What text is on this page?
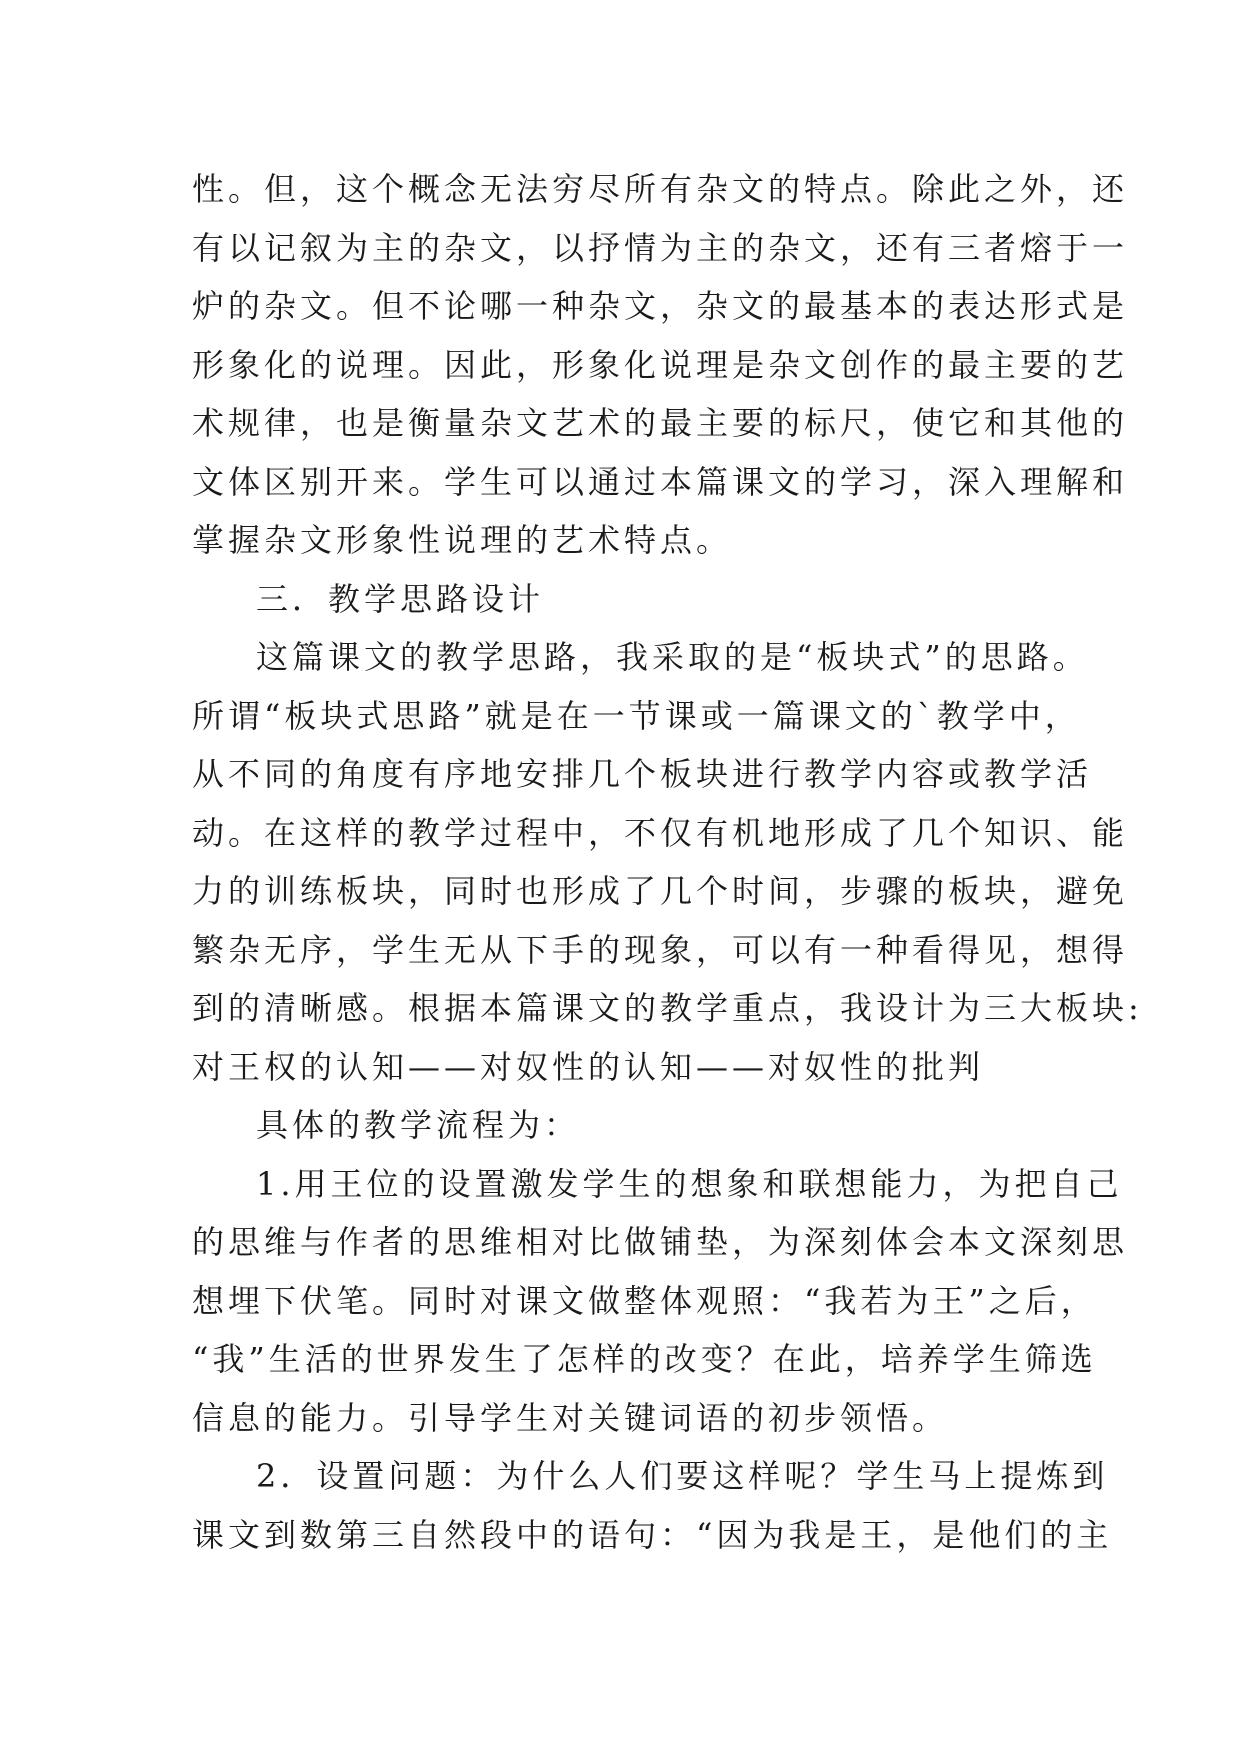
性。但，这个概念无法穷尽所有杂文的特点。除此之外，还
有以记叙为主的杂文，以抒情为主的杂文，还有三者熔于一
炉的杂文。但不论哪一种杂文，杂文的最基本的表达形式是
形象化的说理。因此，形象化说理是杂文创作的最主要的艺
术规律，也是衡量杂文艺术的最主要的标尺，使它和其他的
文体区别开来。学生可以通过本篇课文的学习，深入理解和
掌握杂文形象性说理的艺术特点。
三．教学思路设计
这篇课文的教学思路，我采取的是“板块式”的思路。
所谓“板块式思路”就是在一节课或一篇课文的`教学中，
从不同的角度有序地安排几个板块进行教学内容或教学活
动。在这样的教学过程中，不仅有机地形成了几个知识、能
力的训练板块，同时也形成了几个时间，步骤的板块，避免
繁杂无序，学生无从下手的现象，可以有一种看得见，想得
到的清晰感。根据本篇课文的教学重点，我设计为三大板块:
对王权的认知——对奴性的认知——对奴性的批判
具体的教学流程为：
1.用王位的设置激发学生的想象和联想能力，为把自己
的思维与作者的思维相对比做铺垫，为深刻体会本文深刻思
想埋下伏笔。同时对课文做整体观照：“我若为王”之后，
“我”生活的世界发生了怎样的改变？在此，培养学生筛选
信息的能力。引导学生对关键词语的初步领悟。
2．设置问题：为什么人们要这样呢？学生马上提炼到
课文到数第三自然段中的语句：“因为我是王，是他们的主
